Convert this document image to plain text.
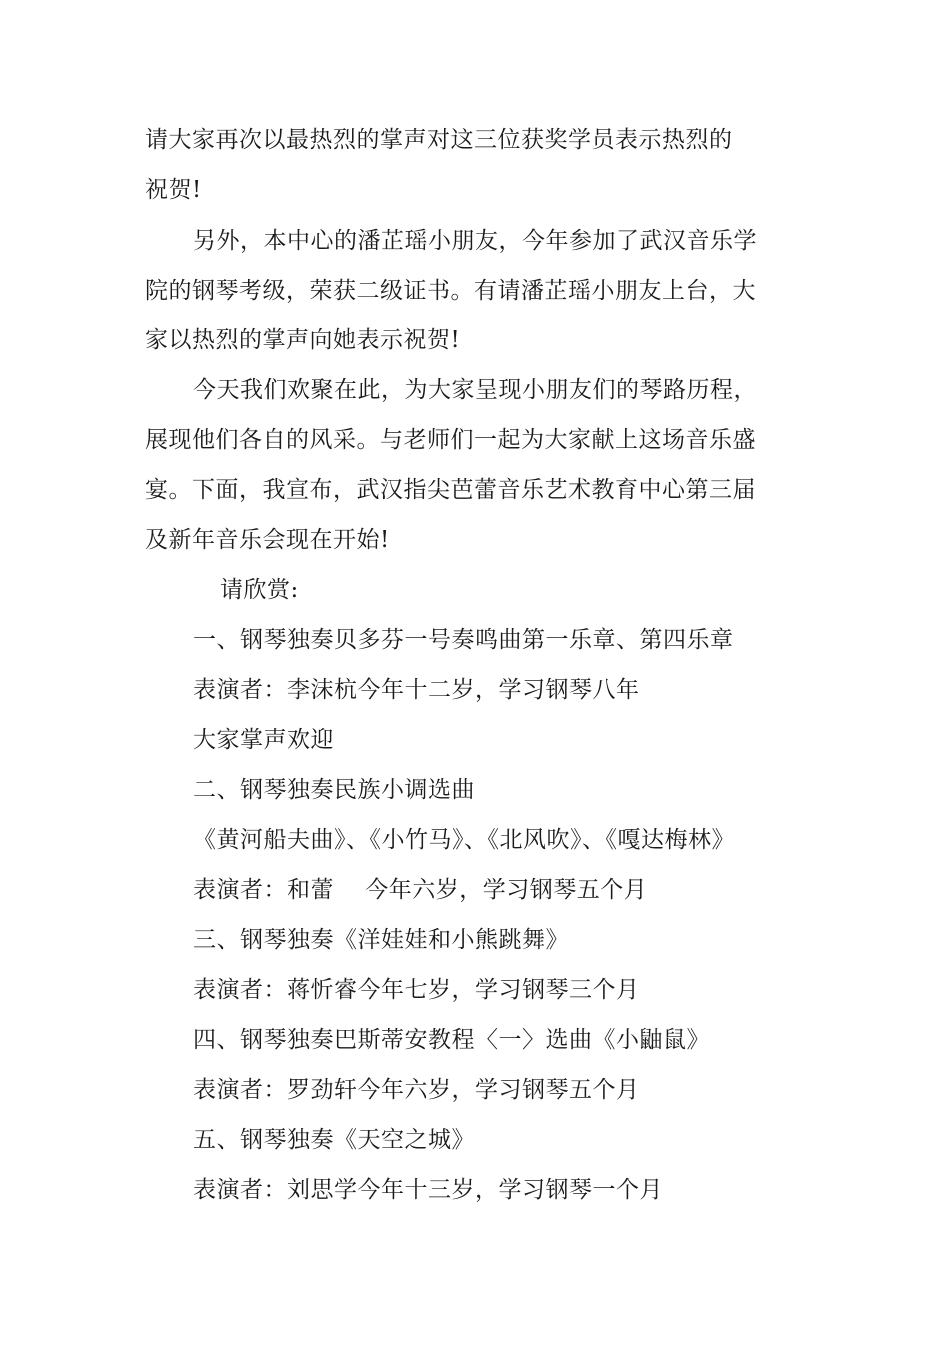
请大家再次以最热烈的掌声对这三位获奖学员表示热烈的
祝贺!
另外，本中心的潘芷瑶小朋友，今年参加了武汉音乐学
院的钢琴考级，荣获二级证书。有请潘芷瑶小朋友上台，大
家以热烈的掌声向她表示祝贺!
今天我们欢聚在此，为大家呈现小朋友们的琴路历程，
展现他们各自的风采。与老师们一起为大家献上这场音乐盛
宴。下面，我宣布，武汉指尖芭蕾音乐艺术教育中心第三届
及新年音乐会现在开始!
请欣赏:
一、钢琴独奏贝多芬一号奏鸣曲第一乐章、第四乐章
表演者：李沫杭今年十二岁，学习钢琴八年
大家掌声欢迎
二、钢琴独奏民族小调选曲
《黄河船夫曲》、《小竹马》、《北风吹》、《嘎达梅林》
表演者：和蕾　 今年六岁，学习钢琴五个月
三、钢琴独奏《洋娃娃和小熊跳舞》
表演者：蒋忻睿今年七岁，学习钢琴三个月
四、钢琴独奏巴斯蒂安教程〈一〉选曲《小鼬鼠》
表演者：罗劲轩今年六岁，学习钢琴五个月
五、钢琴独奏《天空之城》
表演者：刘思学今年十三岁，学习钢琴一个月
